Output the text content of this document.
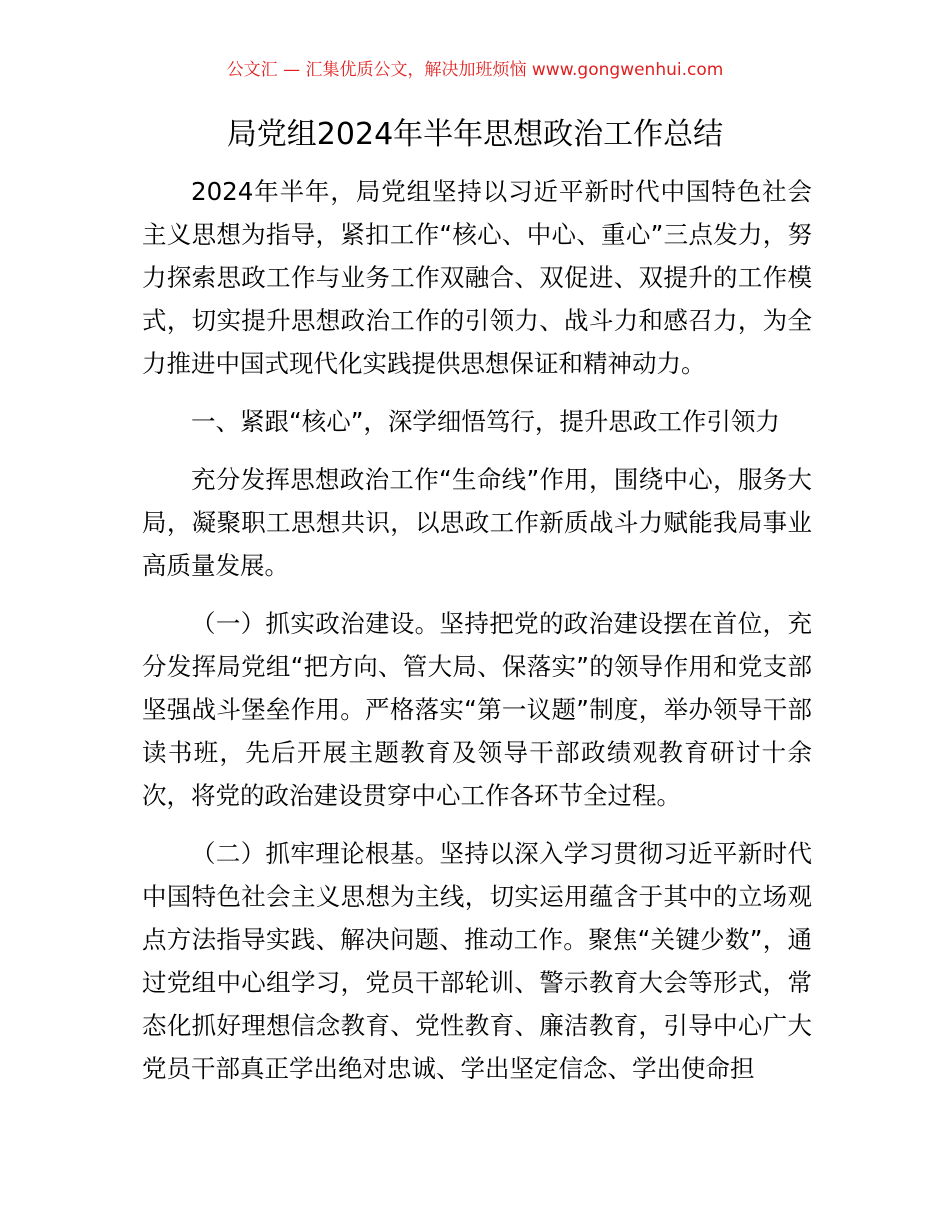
公文汇 — 汇集优质公文，解决加班烦恼 www.gongwenhui.com
局党组2024年半年思想政治工作总结

2024年半年，局党组坚持以习近平新时代中国特色社会主义思想为指导，紧扣工作“核心、中心、重心”三点发力，努力探索思政工作与业务工作双融合、双促进、双提升的工作模式，切实提升思想政治工作的引领力、战斗力和感召力，为全力推进中国式现代化实践提供思想保证和精神动力。

一、紧跟“核心”，深学细悟笃行，提升思政工作引领力

充分发挥思想政治工作“生命线”作用，围绕中心，服务大局，凝聚职工思想共识，以思政工作新质战斗力赋能我局事业高质量发展。

（一）抓实政治建设。坚持把党的政治建设摆在首位，充分发挥局党组“把方向、管大局、保落实”的领导作用和党支部坚强战斗堡垒作用。严格落实“第一议题”制度，举办领导干部读书班，先后开展主题教育及领导干部政绩观教育研讨十余次，将党的政治建设贯穿中心工作各环节全过程。

（二）抓牢理论根基。坚持以深入学习贯彻习近平新时代中国特色社会主义思想为主线，切实运用蕴含于其中的立场观点方法指导实践、解决问题、推动工作。聚焦“关键少数”，通过党组中心组学习，党员干部轮训、警示教育大会等形式，常态化抓好理想信念教育、党性教育、廉洁教育，引导中心广大党员干部真正学出绝对忠诚、学出坚定信念、学出使命担
